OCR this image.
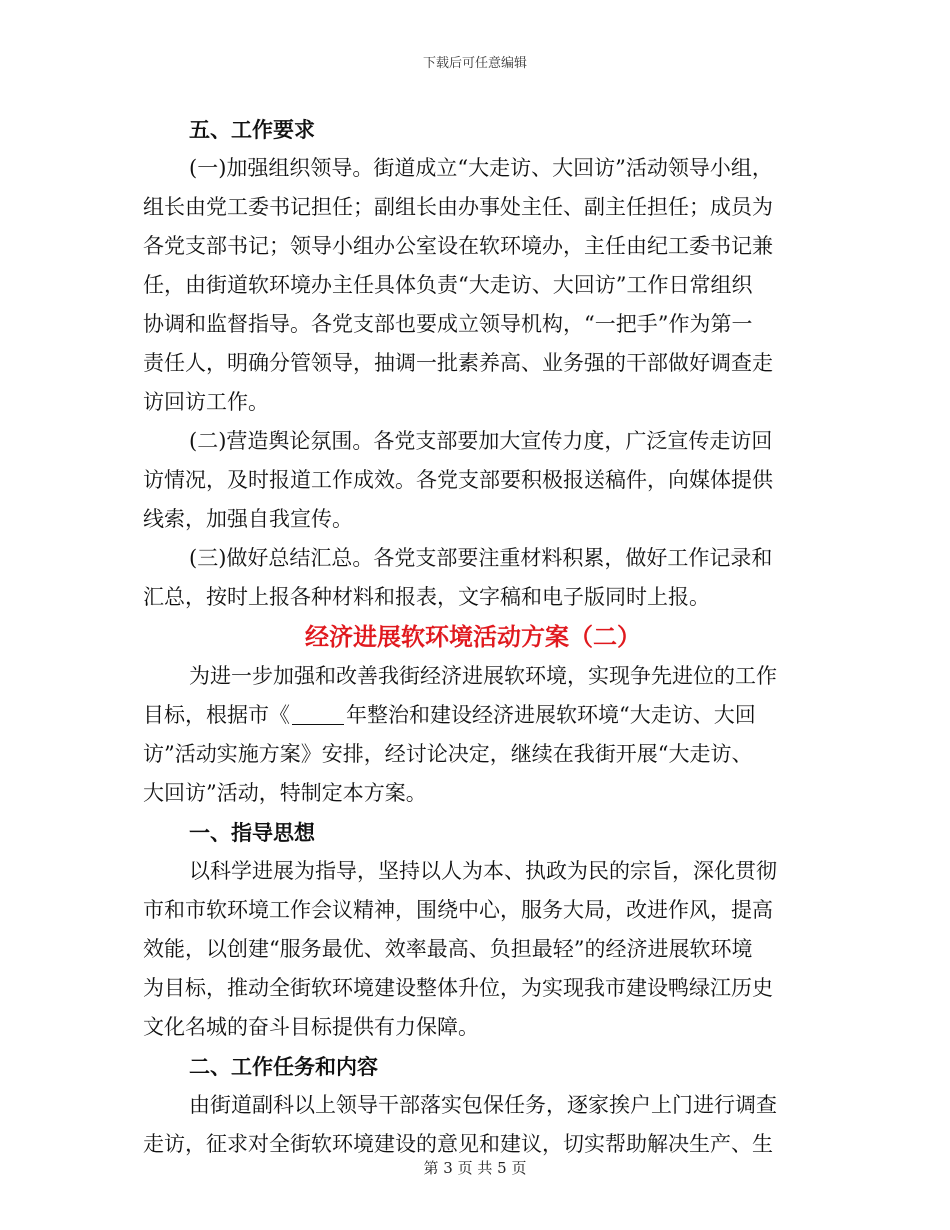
下载后可任意编辑
五、工作要求
(一)加强组织领导。街道成立“大走访、大回访”活动领导小组，
组长由党工委书记担任；副组长由办事处主任、副主任担任；成员为
各党支部书记；领导小组办公室设在软环境办，主任由纪工委书记兼
任，由街道软环境办主任具体负责“大走访、大回访”工作日常组织
协调和监督指导。各党支部也要成立领导机构，“一把手”作为第一
责任人，明确分管领导，抽调一批素养高、业务强的干部做好调查走
访回访工作。
(二)营造舆论氛围。各党支部要加大宣传力度，广泛宣传走访回
访情况，及时报道工作成效。各党支部要积极报送稿件，向媒体提供
线索，加强自我宣传。
(三)做好总结汇总。各党支部要注重材料积累，做好工作记录和
汇总，按时上报各种材料和报表，文字稿和电子版同时上报。
经济进展软环境活动方案（二）
为进一步加强和改善我街经济进展软环境，实现争先进位的工作
目标，根据市《	年整治和建设经济进展软环境“大走访、大回
访”活动实施方案》安排，经讨论决定，继续在我街开展“大走访、
大回访”活动，特制定本方案。
一、指导思想
以科学进展为指导，坚持以人为本、执政为民的宗旨，深化贯彻
市和市软环境工作会议精神，围绕中心，服务大局，改进作风，提高
效能，以创建“服务最优、效率最高、负担最轻”的经济进展软环境
为目标，推动全街软环境建设整体升位，为实现我市建设鸭绿江历史
文化名城的奋斗目标提供有力保障。
二、工作任务和内容
由街道副科以上领导干部落实包保任务，逐家挨户上门进行调查
走访，征求对全街软环境建设的意见和建议，切实帮助解决生产、生
第 3 页 共 5 页
